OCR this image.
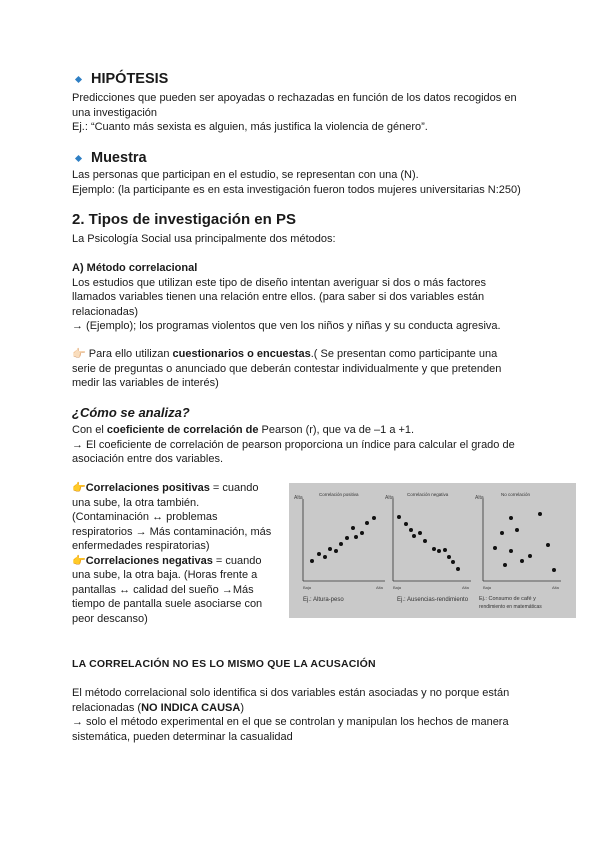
HIPÓTESIS
Predicciones que pueden ser apoyadas o rechazadas en función de los datos recogidos en
una investigación
Ej.: “Cuanto más sexista es alguien, más justifica la violencia de género”.
Muestra
Las personas que participan en el estudio, se representan con una (N).
Ejemplo: (la participante es en esta investigación fueron todos mujeres universitarias N:250)
2. Tipos de investigación en PS
La Psicología Social usa principalmente dos métodos:
A) Método correlacional
Los estudios que utilizan este tipo de diseño intentan averiguar si dos o más factores
llamados variables tienen una relación entre ellos. (para saber si dos variables están
relacionadas)
→ (Ejemplo); los programas violentos que ven los niños y niñas y su conducta agresiva.
👉🏻 Para ello utilizan cuestionarios o encuestas.( Se presentan como participante una
serie de preguntas o anunciado que deberán contestar individualmente y que pretenden
medir las variables de interés)
¿Cómo se analiza?
Con el coeficiente de correlación de Pearson (r), que va de –1 a +1.
→ El coeficiente de correlación de pearson proporciona un índice para calcular el grado de
asociación entre dos variables.
👉Correlaciones positivas = cuando
una sube, la otra también.
(Contaminación ↔ problemas
respiratorios → Más contaminación, más
enfermedades respiratorias)
👉Correlaciones negativas = cuando
una sube, la otra baja. (Horas frente a
pantallas ↔ calidad del sueño →Más
tiempo de pantalla suele asociarse con
peor descanso)
Alta
Correlación positiva
Baja	Alta
Ej.: Altura-peso
Alta
Correlación negativa
Baja	Alta
Ej.: Ausencias-rendimiento
Alta
No correlación
Baja	Alta
Ej.: Consumo de café y
rendimiento en matemáticas
LA CORRELACIÓN NO ES LO MISMO QUE LA ACUSACIÓN
El método correlacional solo identifica si dos variables están asociadas y no porque están
relacionadas (NO INDICA CAUSA)
→ solo el método experimental en el que se controlan y manipulan los hechos de manera
sistemática, pueden determinar la casualidad
